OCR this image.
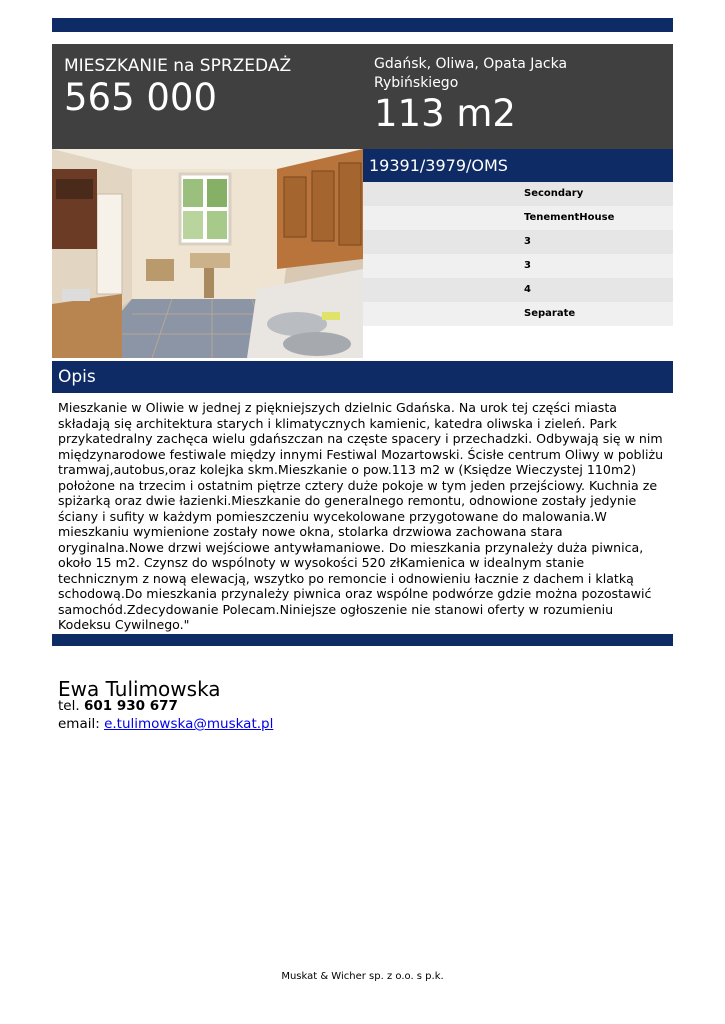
MIESZKANIE na SPRZEDAŻ
565 000
Gdańsk, Oliwa, Opata Jacka Rybińskiego
113 m2
19391/3979/OMS
Secondary
TenementHouse
3
3
4
Separate
Opis
Mieszkanie w Oliwie w jednej z piękniejszych dzielnic Gdańska. Na urok tej części miasta składają się architektura starych i klimatycznych kamienic, katedra oliwska i zieleń. Park przykatedralny zachęca wielu gdańszczan na częste spacery i przechadzki. Odbywają się w nim międzynarodowe festiwale między innymi Festiwal Mozartowski. Ścisłe centrum Oliwy w pobliżu tramwaj,autobus,oraz kolejka skm.Mieszkanie o pow.113 m2 w (Księdze Wieczystej 110m2) położone na trzecim i ostatnim piętrze cztery duże pokoje w tym jeden przejściowy. Kuchnia ze spiżarką oraz dwie łazienki.Mieszkanie do generalnego remontu, odnowione zostały jedynie ściany i sufity w każdym pomieszczeniu wycekolowane przygotowane do malowania.W mieszkaniu wymienione zostały nowe okna, stolarka drzwiowa zachowana stara oryginalna.Nowe drzwi wejściowe antywłamaniowe. Do mieszkania przynależy duża piwnica, około 15 m2. Czynsz do wspólnoty w wysokości 520 złKamienica w idealnym stanie technicznym z nową elewacją, wszytko po remoncie i odnowieniu łacznie z dachem i klatką schodową.Do mieszkania przynależy piwnica oraz wspólne podwórze gdzie można pozostawić samochód.Zdecydowanie Polecam.Niniejsze ogłoszenie nie stanowi oferty w rozumieniu Kodeksu Cywilnego."
Ewa Tulimowska
tel. 601 930 677
email: e.tulimowska@muskat.pl
Muskat & Wicher sp. z o.o. s p.k.
